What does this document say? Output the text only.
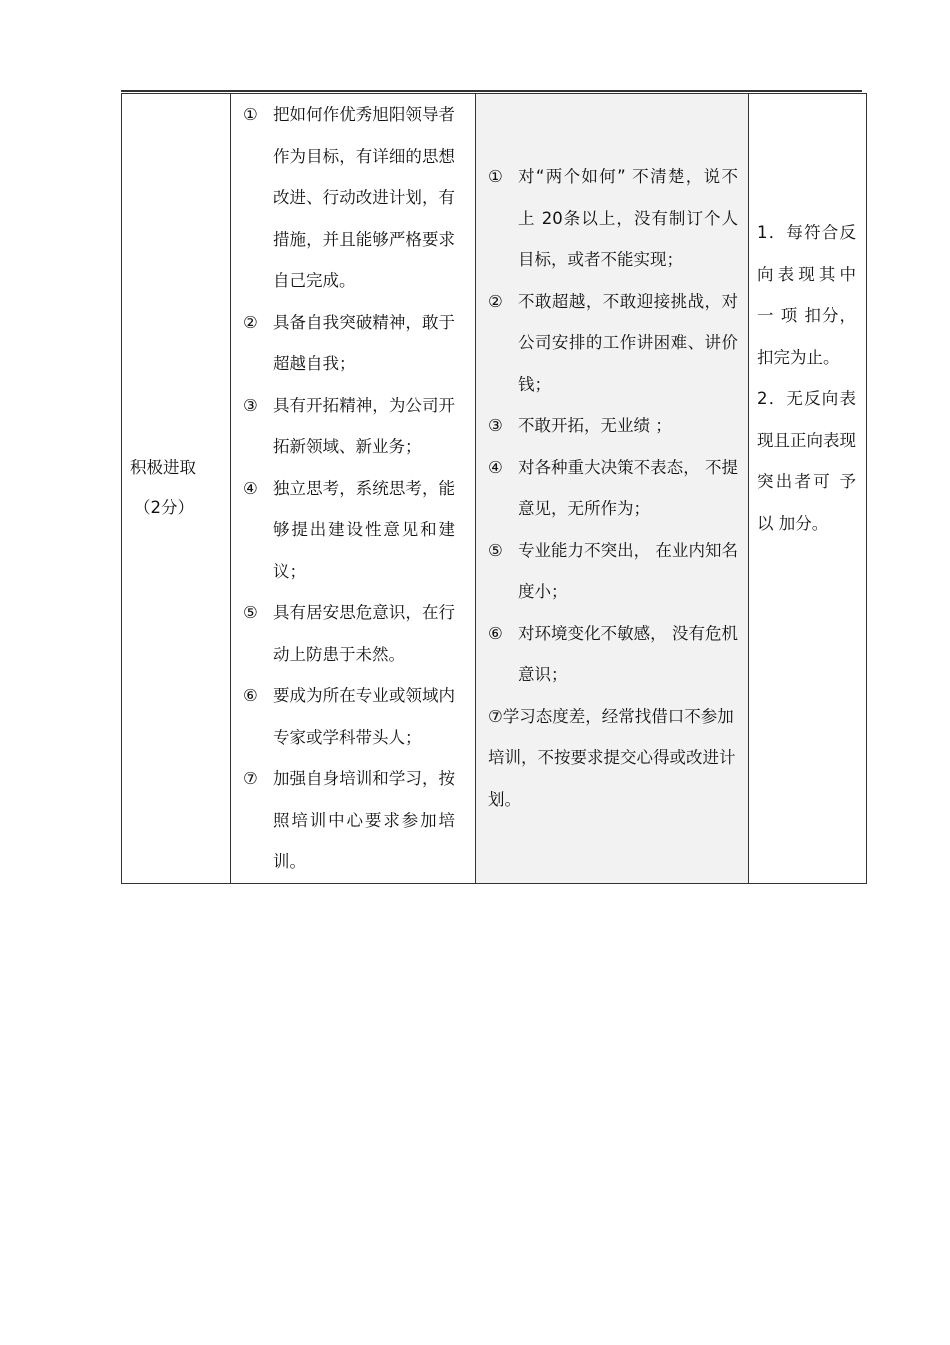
积极进取
（2分）

① 把如何作优秀旭阳领导者作为目标，有详细的思想改进、行动改进计划，有措施，并且能够严格要求自己完成。
② 具备自我突破精神，敢于超越自我；
③ 具有开拓精神，为公司开拓新领域、新业务；
④ 独立思考，系统思考，能够提出建设性意见和建议；
⑤ 具有居安思危意识，在行动上防患于未然。
⑥ 要成为所在专业或领域内专家或学科带头人；
⑦ 加强自身培训和学习，按照培训中心要求参加培训。

① 对“两个如何” 不清楚，说不上 20条以上，没有制订个人目标，或者不能实现；
② 不敢超越，不敢迎接挑战，对公司安排的工作讲困难、讲价钱；
③ 不敢开拓，无业绩 ；
④ 对各种重大决策不表态， 不提意见，无所作为；
⑤ 专业能力不突出， 在业内知名度小；
⑥ 对环境变化不敏感， 没有危机意识；
⑦学习态度差，经常找借口不参加培训，不按要求提交心得或改进计划。

1．每符合反向表现其中 一 项 扣分，扣完为止。
2．无反向表现且正向表现突出者可 予 以 加分。
